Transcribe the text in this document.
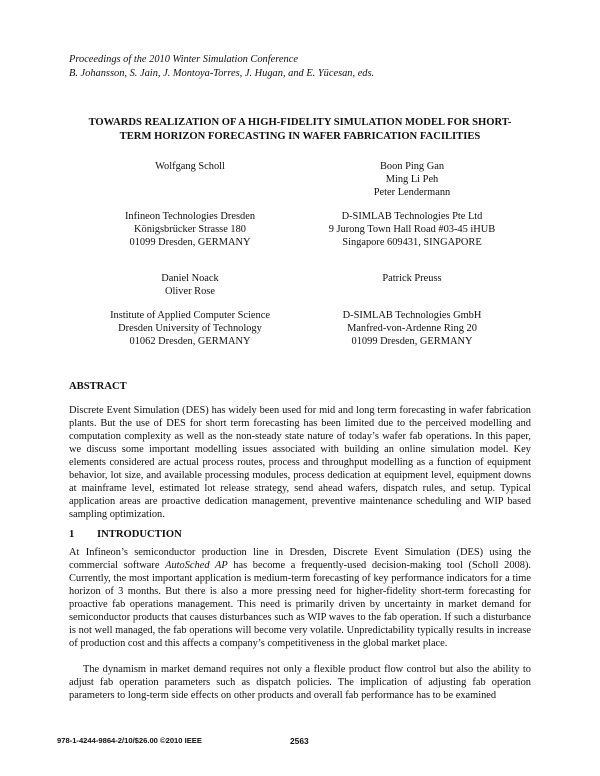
Proceedings of the 2010 Winter Simulation Conference
B. Johansson, S. Jain, J. Montoya-Torres, J. Hugan, and E. Yücesan, eds.
TOWARDS REALIZATION OF A HIGH-FIDELITY SIMULATION MODEL FOR SHORT-
TERM HORIZON FORECASTING IN WAFER FABRICATION FACILITIES
Wolfgang Scholl	Boon Ping Gan
Ming Li Peh
Peter Lendermann
Infineon Technologies Dresden
Königsbrücker Strasse 180
01099 Dresden, GERMANY
D-SIMLAB Technologies Pte Ltd
9 Jurong Town Hall Road #03-45 iHUB
Singapore 609431, SINGAPORE
Daniel Noack
Oliver Rose
Patrick Preuss
Institute of Applied Computer Science
Dresden University of Technology
01062 Dresden, GERMANY
D-SIMLAB Technologies GmbH
Manfred-von-Ardenne Ring 20
01099 Dresden, GERMANY
ABSTRACT

Discrete Event Simulation (DES) has widely been used for mid and long term forecasting in wafer fabrication plants. But the use of DES for short term forecasting has been limited due to the perceived modelling and computation complexity as well as the non-steady state nature of today’s wafer fab operations. In this paper, we discuss some important modelling issues associated with building an online simulation model. Key elements considered are actual process routes, process and throughput modelling as a function of equipment behavior, lot size, and available processing modules, process dedication at equipment level, equipment downs at mainframe level, estimated lot release strategy, send ahead wafers, dispatch rules, and setup. Typical application areas are proactive dedication management, preventive maintenance scheduling and WIP based sampling optimization.

1 INTRODUCTION

At Infineon’s semiconductor production line in Dresden, Discrete Event Simulation (DES) using the commercial software AutoSched AP has become a frequently-used decision-making tool (Scholl 2008). Currently, the most important application is medium-term forecasting of key performance indicators for a time horizon of 3 months. But there is also a more pressing need for higher-fidelity short-term forecasting for proactive fab operations management. This need is primarily driven by uncertainty in market demand for semiconductor products that causes disturbances such as WIP waves to the fab operation. If such a disturbance is not well managed, the fab operations will become very volatile. Unpredictability typically results in increase of production cost and this affects a company’s competitiveness in the global market place.

The dynamism in market demand requires not only a flexible product flow control but also the ability to adjust fab operation parameters such as dispatch policies. The implication of adjusting fab operation parameters to long-term side effects on other products and overall fab performance has to be examined

978-1-4244-9864-2/10/$26.00 ©2010 IEEE	2563
